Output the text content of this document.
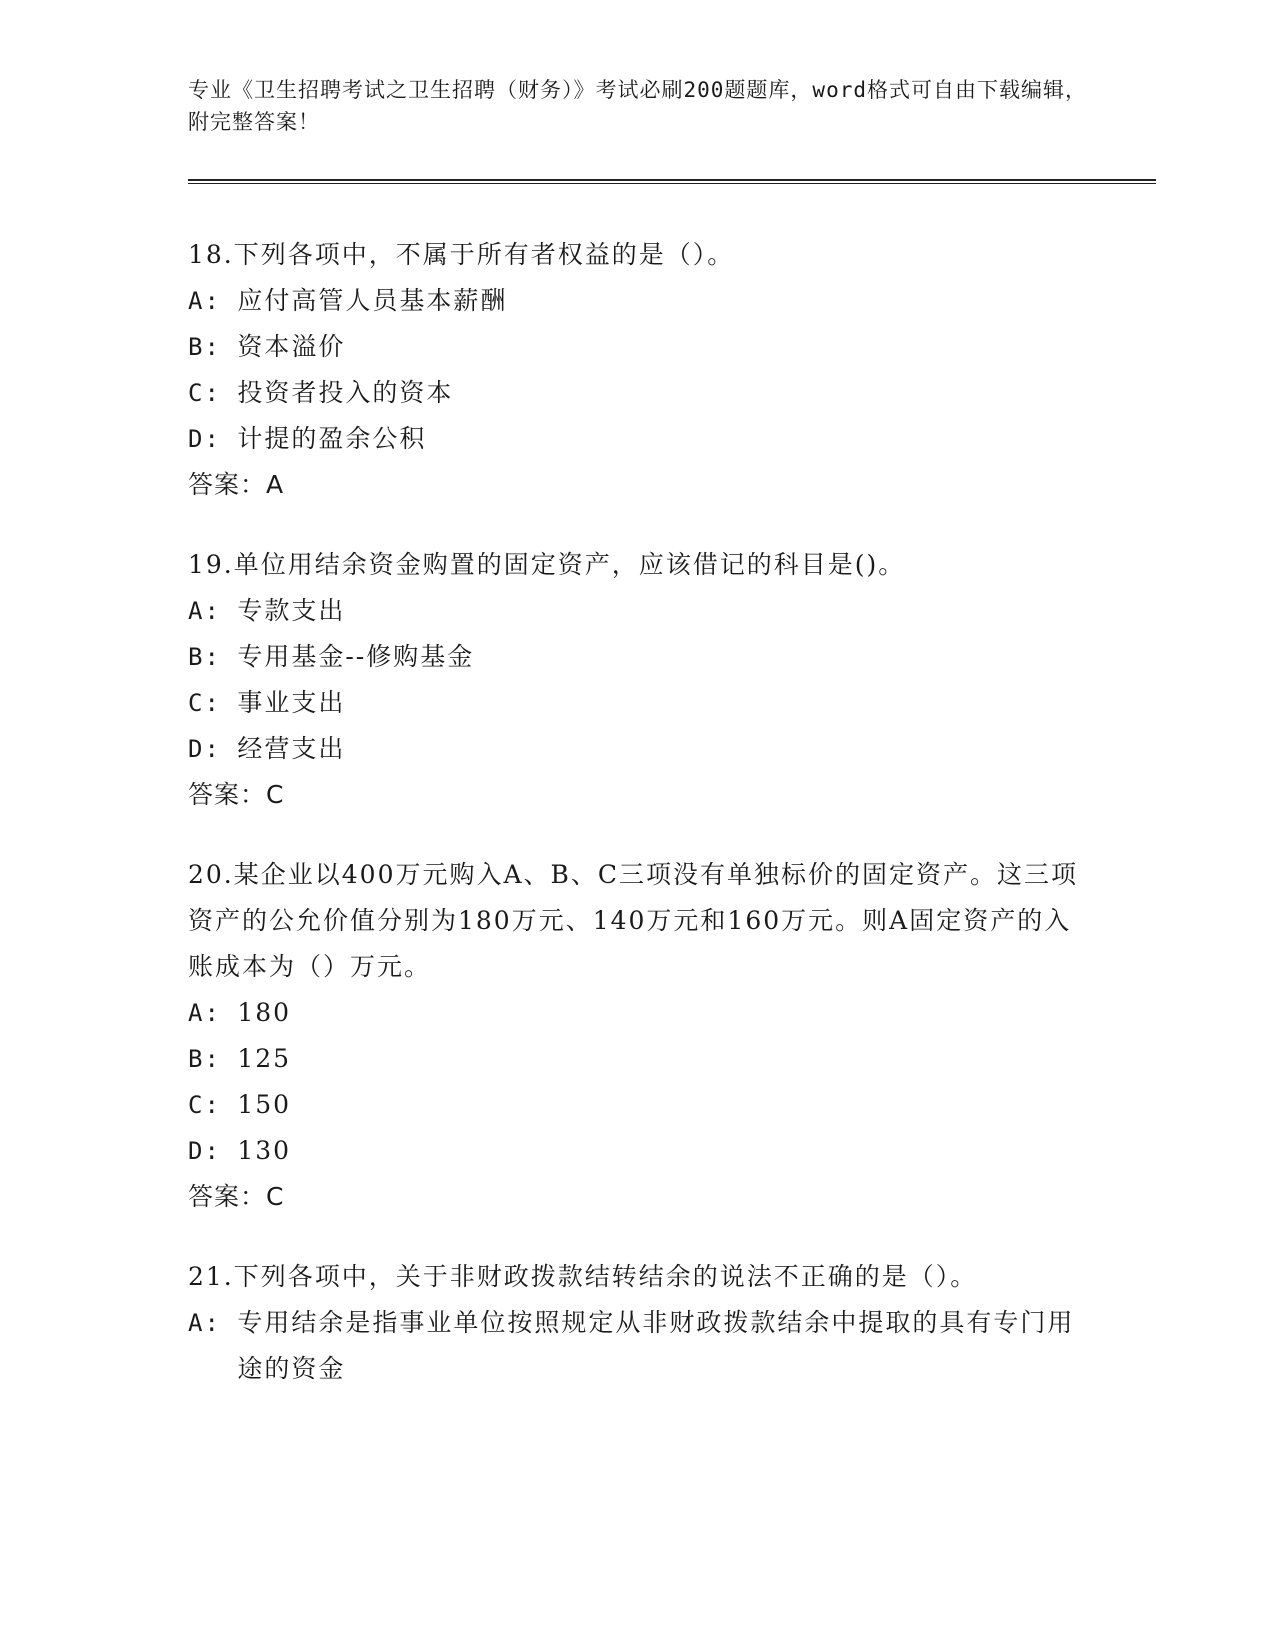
专业《卫生招聘考试之卫生招聘（财务）》考试必刷200题题库，word格式可自由下载编辑，附完整答案！

18.下列各项中，不属于所有者权益的是（）。

A: 应付高管人员基本薪酬
B: 资本溢价
C: 投资者投入的资本
D: 计提的盈余公积

答案：A

19.单位用结余资金购置的固定资产，应该借记的科目是()。

A: 专款支出
B: 专用基金--修购基金
C: 事业支出
D: 经营支出

答案：C

20.某企业以400万元购入A、B、C三项没有单独标价的固定资产。这三项资产的公允价值分别为180万元、140万元和160万元。则A固定资产的入账成本为（）万元。

A: 180
B: 125
C: 150
D: 130

答案：C

21.下列各项中，关于非财政拨款结转结余的说法不正确的是（）。

A: 专用结余是指事业单位按照规定从非财政拨款结余中提取的具有专门用途的资金
